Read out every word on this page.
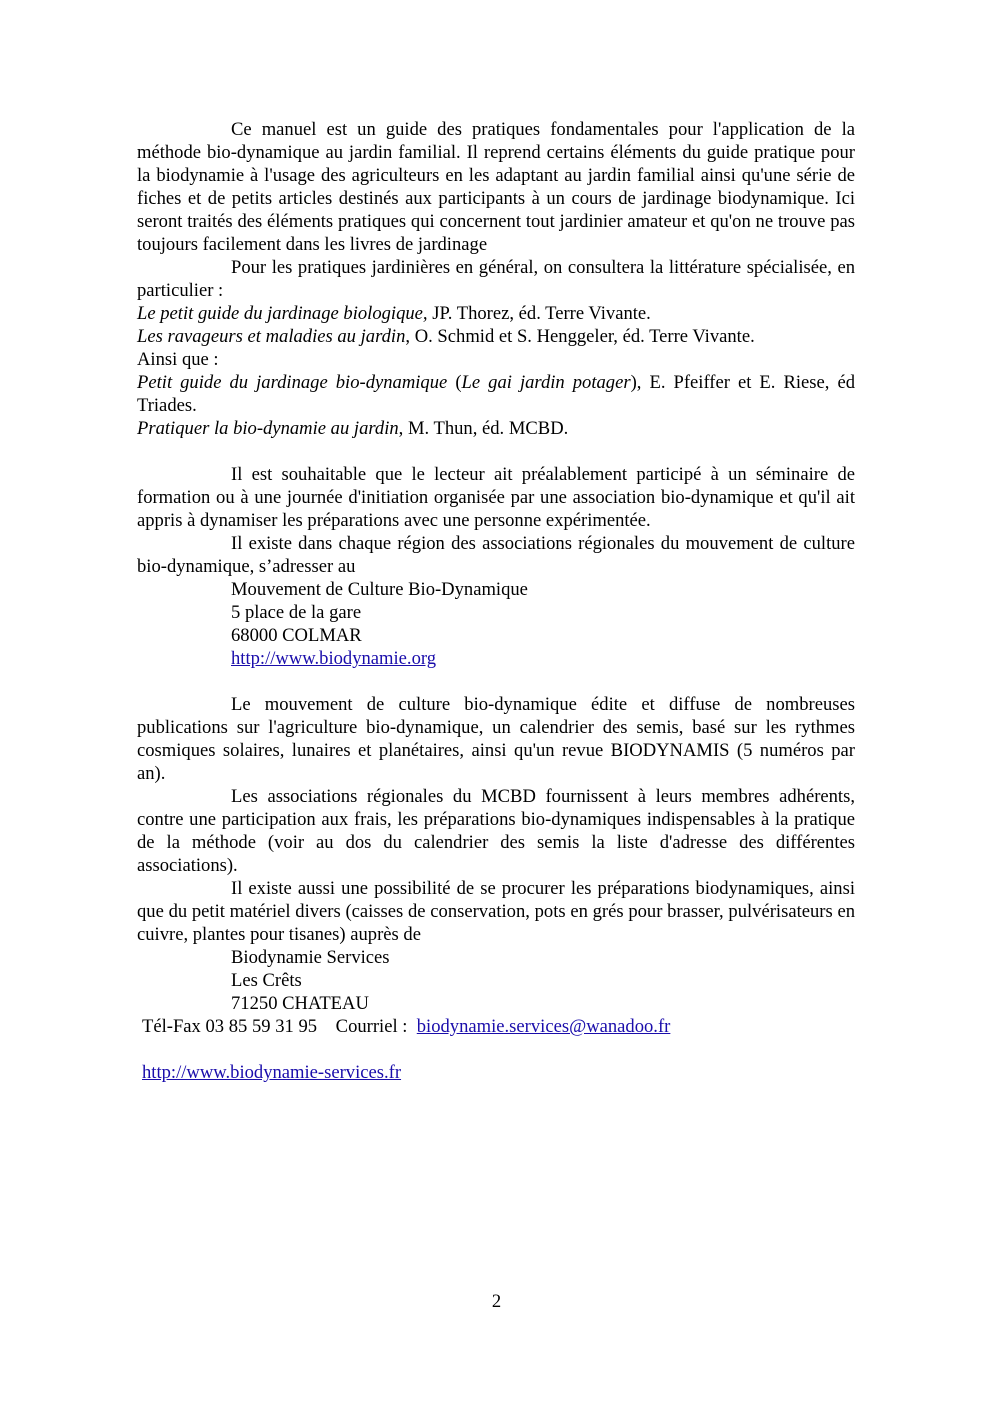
Ce manuel est un guide des pratiques fondamentales pour l'application de la méthode bio-dynamique au jardin familial. Il reprend certains éléments du guide pratique pour la biodynamie à l'usage des agriculteurs en les adaptant au jardin familial ainsi qu'une série de fiches et de petits articles destinés aux participants à un cours de jardinage biodynamique. Ici seront traités des éléments pratiques qui concernent tout jardinier amateur et qu'on ne trouve pas toujours facilement dans les livres de jardinage

Pour les pratiques jardinières en général, on consultera la littérature spécialisée, en particulier :

Le petit guide du jardinage biologique, JP. Thorez, éd. Terre Vivante.

Les ravageurs et maladies au jardin, O. Schmid et S. Henggeler, éd. Terre Vivante.

Ainsi que :

Petit guide du jardinage bio-dynamique (Le gai jardin potager), E. Pfeiffer et E. Riese, éd Triades.

Pratiquer la bio-dynamie au jardin, M. Thun, éd. MCBD.

Il est souhaitable que le lecteur ait préalablement participé à un séminaire de formation ou à une journée d'initiation organisée par une association bio-dynamique et qu'il ait appris à dynamiser les préparations avec une personne expérimentée.

Il existe dans chaque région des associations régionales du mouvement de culture bio-dynamique, s’adresser au

Mouvement de Culture Bio-Dynamique

5 place de la gare

68000 COLMAR

http://www.biodynamie.org

Le mouvement de culture bio-dynamique édite et diffuse de nombreuses publications sur l'agriculture bio-dynamique, un calendrier des semis, basé sur les rythmes cosmiques solaires, lunaires et planétaires, ainsi qu'un revue BIODYNAMIS (5 numéros par an).

Les associations régionales du MCBD fournissent à leurs membres adhérents, contre une participation aux frais, les préparations bio-dynamiques indispensables à la pratique de la méthode (voir au dos du calendrier des semis la liste d'adresse des différentes associations).

Il existe aussi une possibilité de se procurer les préparations biodynamiques, ainsi que du petit matériel divers (caisses de conservation, pots en grés pour brasser, pulvérisateurs en cuivre, plantes pour tisanes) auprès de

Biodynamie Services

Les Crêts

71250 CHATEAU

Tél-Fax 03 85 59 31 95 Courriel : biodynamie.services@wanadoo.fr

http://www.biodynamie-services.fr

2
